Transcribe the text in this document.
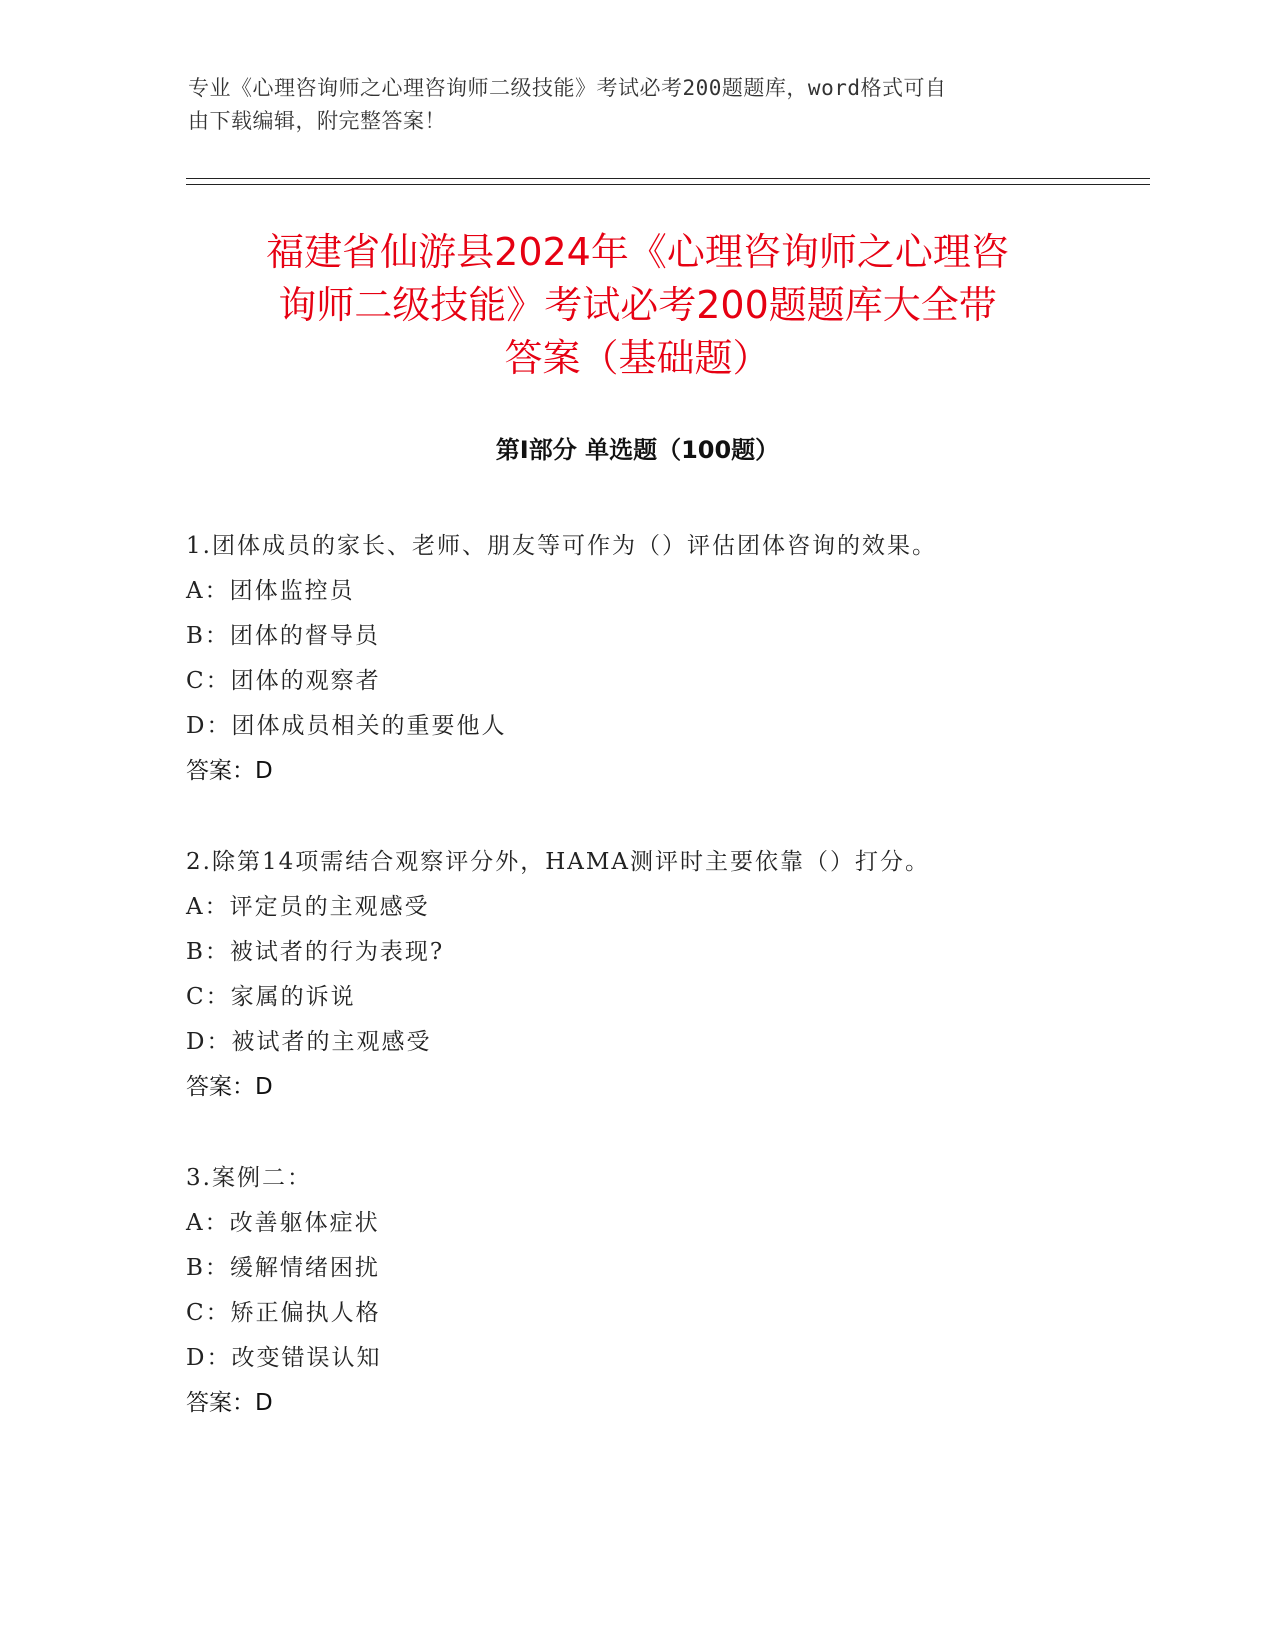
专业《心理咨询师之心理咨询师二级技能》考试必考200题题库，word格式可自
由下载编辑，附完整答案！
福建省仙游县2024年《心理咨询师之心理咨
询师二级技能》考试必考200题题库大全带
答案（基础题）
第Ⅰ部分 单选题（100题）

1.团体成员的家长、老师、朋友等可作为（）评估团体咨询的效果。

A：团体监控员

B：团体的督导员

C：团体的观察者

D：团体成员相关的重要他人

答案：D

2.除第14项需结合观察评分外，HAMA测评时主要依靠（）打分。

A：评定员的主观感受

B：被试者的行为表现?

C：家属的诉说

D：被试者的主观感受

答案：D

3.案例二：

A：改善躯体症状

B：缓解情绪困扰

C：矫正偏执人格

D：改变错误认知

答案：D
